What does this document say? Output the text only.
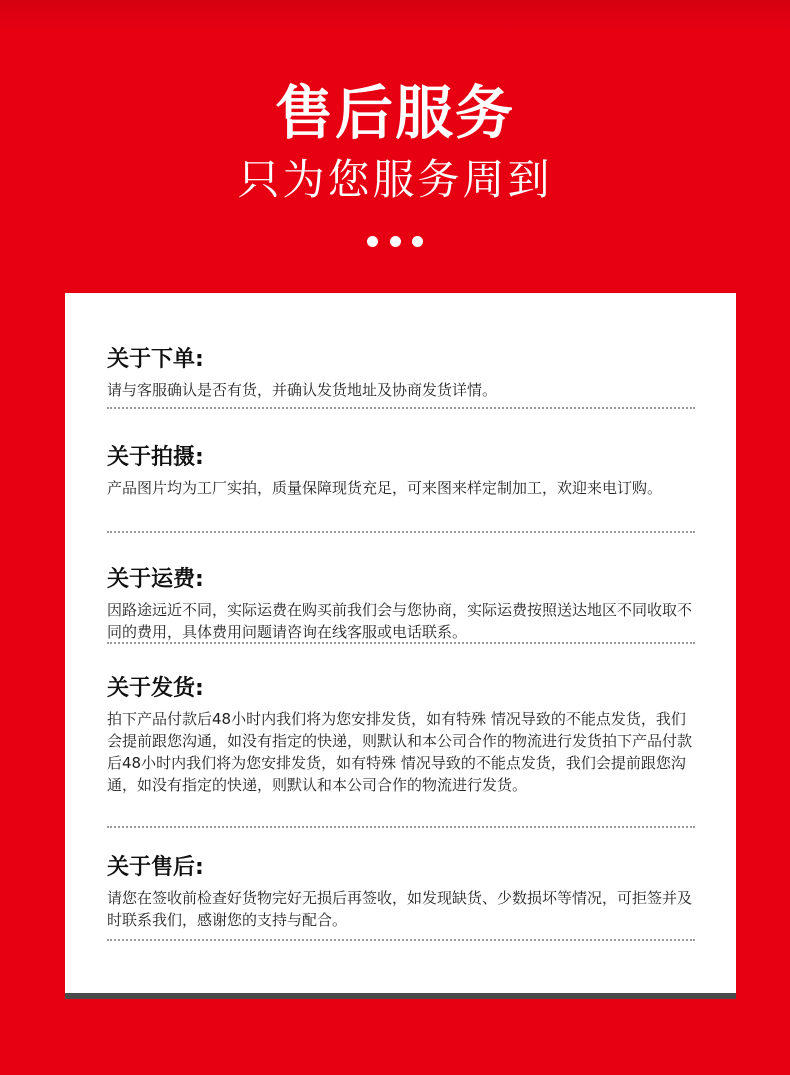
售后服务
只为您服务周到

关于下单:

请与客服确认是否有货，并确认发货地址及协商发货详情。

关于拍摄:

产品图片均为工厂实拍，质量保障现货充足，可来图来样定制加工，欢迎来电订购。

关于运费:

因路途远近不同，实际运费在购买前我们会与您协商，实际运费按照送达地区不同收取不同的费用，具体费用问题请咨询在线客服或电话联系。

关于发货:

拍下产品付款后48小时内我们将为您安排发货，如有特殊 情况导致的不能点发货，我们会提前跟您沟通，如没有指定的快递，则默认和本公司合作的物流进行发货拍下产品付款后48小时内我们将为您安排发货，如有特殊 情况导致的不能点发货，我们会提前跟您沟通，如没有指定的快递，则默认和本公司合作的物流进行发货。

关于售后:

请您在签收前检查好货物完好无损后再签收，如发现缺货、少数损坏等情况，可拒签并及时联系我们，感谢您的支持与配合。
